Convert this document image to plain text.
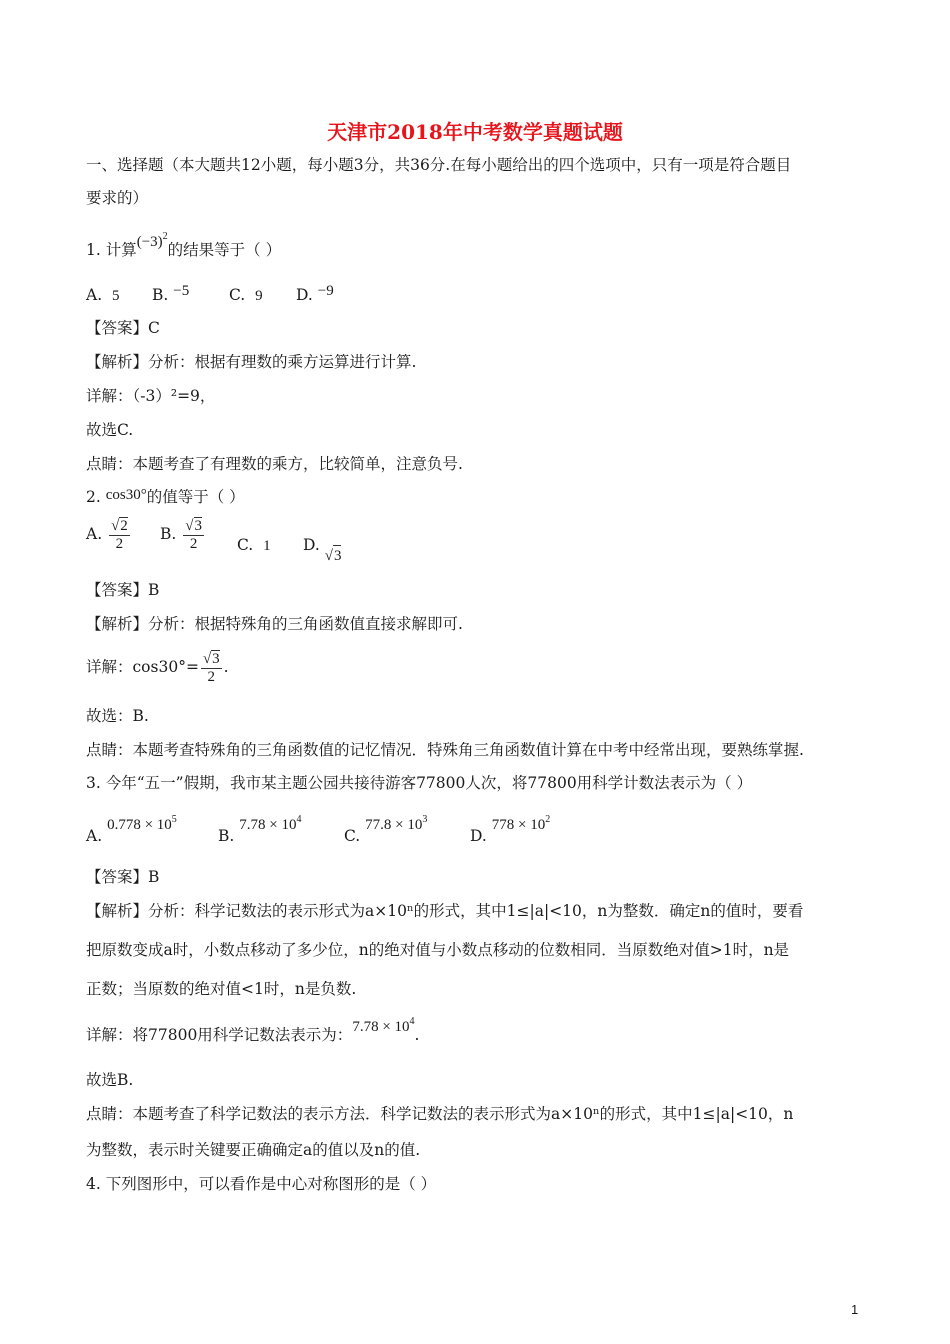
天津市2018年中考数学真题试题
一、选择题（本大题共12小题，每小题3分，共36分.在每小题给出的四个选项中，只有一项是符合题目
要求的）
1. 计算$(-3)^2$的结果等于（ ）
A. 5 B. −5	C. 9 D. −9
【答案】C
【解析】分析：根据有理数的乘方运算进行计算.
详解：（-3）²=9，
故选C.
点睛：本题考查了有理数的乘方，比较简单，注意负号.
2. cos30°的值等于（ ）
A. $\frac{√2}{2} B$. $\frac{√3}{2} C$. 1 D. √3
【答案】B
【解析】分析：根据特殊角的三角函数值直接求解即可.
详解：$\cos 30^\circ= \frac{√3}{2}$ .
故选：B.
点睛：本题考查特殊角的三角函数值的记忆情况．特殊角三角函数值计算在中考中经常出现，要熟练掌握.
3. 今年“五一”假期，我市某主题公园共接待游客77800人次，将77800用科学计数法表示为（ ）
A. $0.778 \times 10^5$
B. $7.78 \times 10^4$
C. $77.8 \times 10^3$
D. $778 \times 10^2$
【答案】B
【解析】分析：科学记数法的表示形式为a×10ⁿ的形式，其中1≤|a|<10，n为整数．确定n的值时，要看
把原数变成a时，小数点移动了多少位，n的绝对值与小数点移动的位数相同．当原数绝对值>1时，n是
正数；当原数的绝对值<1时，n是负数.
详解：将77800用科学记数法表示为：$7.78 \times 10^4$.
故选B.
点睛：本题考查了科学记数法的表示方法．科学记数法的表示形式为a×10ⁿ的形式，其中1≤|a|<10，n
为整数，表示时关键要正确确定a的值以及n的值.
4. 下列图形中，可以看作是中心对称图形的是（ ）
1
